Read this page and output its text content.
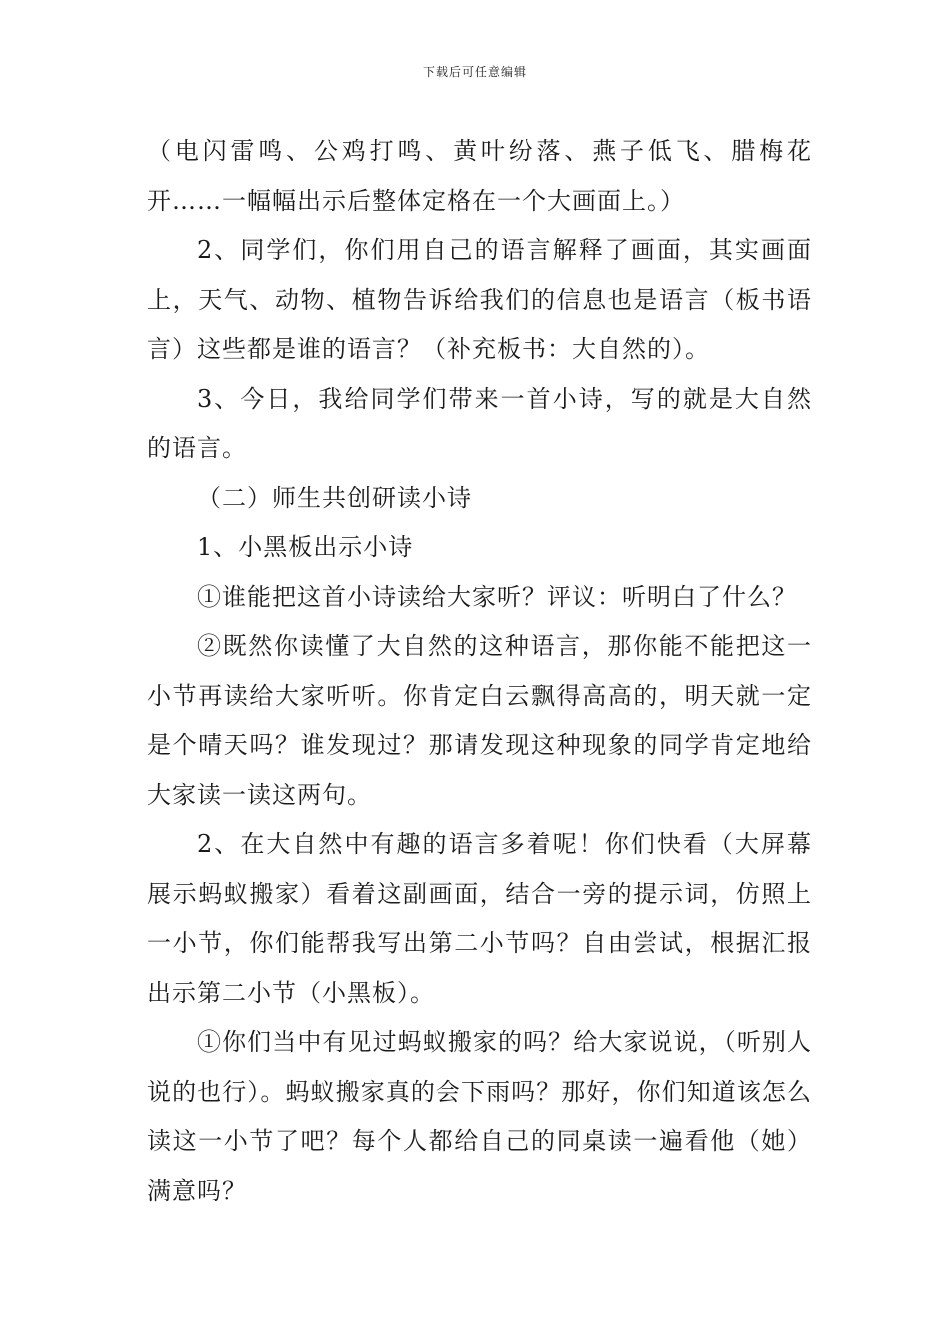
下载后可任意编辑

（电闪雷鸣、公鸡打鸣、黄叶纷落、燕子低飞、腊梅花开……一幅幅出示后整体定格在一个大画面上。）

2、同学们，你们用自己的语言解释了画面，其实画面上，天气、动物、植物告诉给我们的信息也是语言（板书语言）这些都是谁的语言？（补充板书：大自然的）。

3、今日，我给同学们带来一首小诗，写的就是大自然的语言。

（二）师生共创研读小诗

1、小黑板出示小诗

①谁能把这首小诗读给大家听？评议：听明白了什么？

②既然你读懂了大自然的这种语言，那你能不能把这一小节再读给大家听听。你肯定白云飘得高高的，明天就一定是个晴天吗？谁发现过？那请发现这种现象的同学肯定地给大家读一读这两句。

2、在大自然中有趣的语言多着呢！你们快看（大屏幕展示蚂蚁搬家）看着这副画面，结合一旁的提示词，仿照上一小节，你们能帮我写出第二小节吗？自由尝试，根据汇报出示第二小节（小黑板）。

①你们当中有见过蚂蚁搬家的吗？给大家说说，（听别人说的也行）。蚂蚁搬家真的会下雨吗？那好，你们知道该怎么读这一小节了吧？每个人都给自己的同桌读一遍看他（她）满意吗？
